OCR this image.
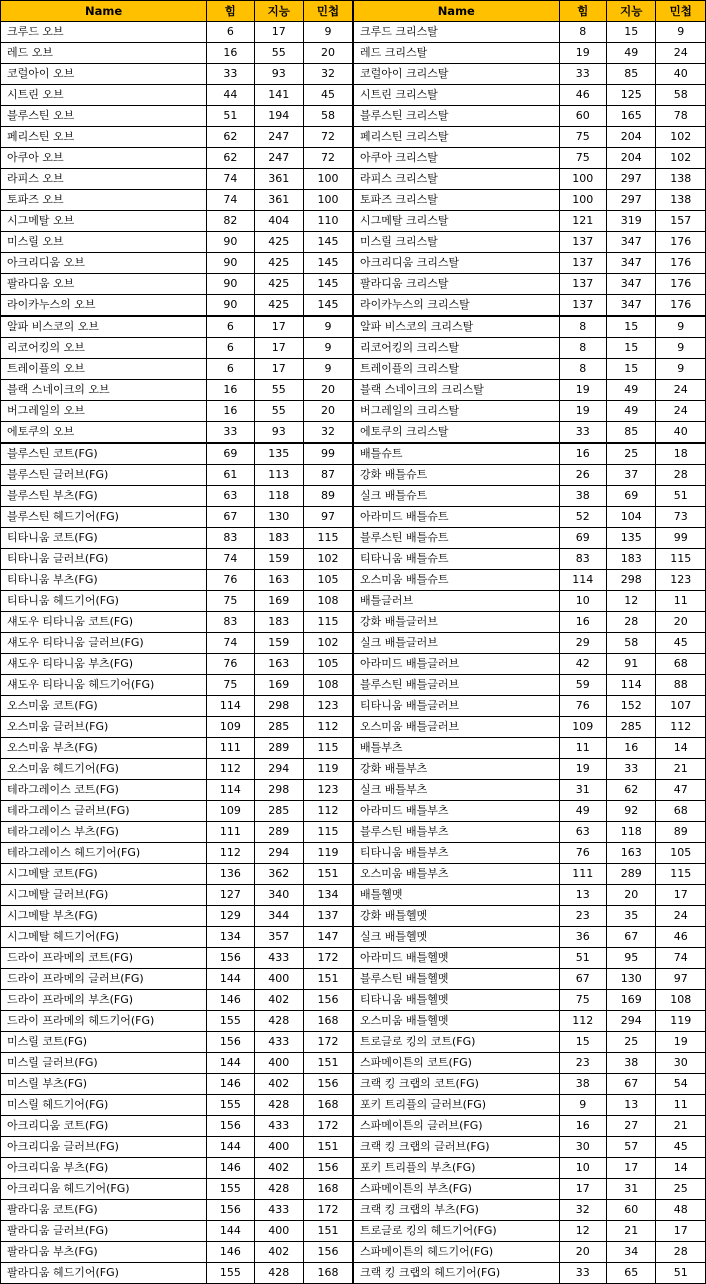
Name	힘	지능	민첩	Name	힘	지능	민첩
크루드 오브	6	17	9	크루드 크리스탈	8	15	9
레드 오브	16	55	20	레드 크리스탈	19	49	24
코럴아이 오브	33	93	32	코럴아이 크리스탈	33	85	40
시트린 오브	44	141	45	시트린 크리스탈	46	125	58
블루스틴 오브	51	194	58	블루스틴 크리스탈	60	165	78
페리스틴 오브	62	247	72	페리스틴 크리스탈	75	204	102
아쿠아 오브	62	247	72	아쿠아 크리스탈	75	204	102
라피스 오브	74	361	100	라피스 크리스탈	100	297	138
토파즈 오브	74	361	100	토파즈 크리스탈	100	297	138
시그메탈 오브	82	404	110	시그메탈 크리스탈	121	319	157
미스릴 오브	90	425	145	미스릴 크리스탈	137	347	176
아크리디움 오브	90	425	145	아크리디움 크리스탈	137	347	176
팔라디움 오브	90	425	145	팔라디움 크리스탈	137	347	176
라이카누스의 오브	90	425	145	라이카누스의 크리스탈	137	347	176
알파 비스코의 오브	6	17	9	알파 비스코의 크리스탈	8	15	9
리코어킹의 오브	6	17	9	리코어킹의 크리스탈	8	15	9
트레이플의 오브	6	17	9	트레이플의 크리스탈	8	15	9
블랙 스네이크의 오브	16	55	20	블랙 스네이크의 크리스탈	19	49	24
버그레일의 오브	16	55	20	버그레일의 크리스탈	19	49	24
에토쿠의 오브	33	93	32	에토쿠의 크리스탈	33	85	40
블루스틴 코트(FG)	69	135	99	배틀슈트	16	25	18
블루스틴 글러브(FG)	61	113	87	강화 배틀슈트	26	37	28
블루스틴 부츠(FG)	63	118	89	실크 배틀슈트	38	69	51
블루스틴 헤드기어(FG)	67	130	97	아라미드 배틀슈트	52	104	73
티타니움 코트(FG)	83	183	115	블루스틴 배틀슈트	69	135	99
티타니움 글러브(FG)	74	159	102	티타니움 배틀슈트	83	183	115
티타니움 부츠(FG)	76	163	105	오스미움 배틀슈트	114	298	123
티타니움 헤드기어(FG)	75	169	108	배틀글러브	10	12	11
섀도우 티타니움 코트(FG)	83	183	115	강화 배틀글러브	16	28	20
섀도우 티타니움 글러브(FG)	74	159	102	실크 배틀글러브	29	58	45
섀도우 티타니움 부츠(FG)	76	163	105	아라미드 배틀글러브	42	91	68
섀도우 티타니움 헤드기어(FG)	75	169	108	블루스틴 배틀글러브	59	114	88
오스미움 코트(FG)	114	298	123	티타니움 배틀글러브	76	152	107
오스미움 글러브(FG)	109	285	112	오스미움 배틀글러브	109	285	112
오스미움 부츠(FG)	111	289	115	배틀부츠	11	16	14
오스미움 헤드기어(FG)	112	294	119	강화 배틀부츠	19	33	21
테라그레이스 코트(FG)	114	298	123	실크 배틀부츠	31	62	47
테라그레이스 글러브(FG)	109	285	112	아라미드 배틀부츠	49	92	68
테라그레이스 부츠(FG)	111	289	115	블루스틴 배틀부츠	63	118	89
테라그레이스 헤드기어(FG)	112	294	119	티타니움 배틀부츠	76	163	105
시그메탈 코트(FG)	136	362	151	오스미움 배틀부츠	111	289	115
시그메탈 글러브(FG)	127	340	134	배틀헬멧	13	20	17
시그메탈 부츠(FG)	129	344	137	강화 배틀헬멧	23	35	24
시그메탈 헤드기어(FG)	134	357	147	실크 배틀헬멧	36	67	46
드라이 프라메의 코트(FG)	156	433	172	아라미드 배틀헬멧	51	95	74
드라이 프라메의 글러브(FG)	144	400	151	블루스틴 배틀헬멧	67	130	97
드라이 프라메의 부츠(FG)	146	402	156	티타니움 배틀헬멧	75	169	108
드라이 프라메의 헤드기어(FG)	155	428	168	오스미움 배틀헬멧	112	294	119
미스릴 코트(FG)	156	433	172	트로글로 킹의 코트(FG)	15	25	19
미스릴 글러브(FG)	144	400	151	스파메이튼의 코트(FG)	23	38	30
미스릴 부츠(FG)	146	402	156	크랙 킹 크랩의 코트(FG)	38	67	54
미스릴 헤드기어(FG)	155	428	168	포키 트리플의 글러브(FG)	9	13	11
아크리디움 코트(FG)	156	433	172	스파메이튼의 글러브(FG)	16	27	21
아크리디움 글러브(FG)	144	400	151	크랙 킹 크랩의 글러브(FG)	30	57	45
아크리디움 부츠(FG)	146	402	156	포키 트리플의 부츠(FG)	10	17	14
아크리디움 헤드기어(FG)	155	428	168	스파메이튼의 부츠(FG)	17	31	25
팔라디움 코트(FG)	156	433	172	크랙 킹 크랩의 부츠(FG)	32	60	48
팔라디움 글러브(FG)	144	400	151	트로글로 킹의 헤드기어(FG)	12	21	17
팔라디움 부츠(FG)	146	402	156	스파메이튼의 헤드기어(FG)	20	34	28
팔라디움 헤드기어(FG)	155	428	168	크랙 킹 크랩의 헤드기어(FG)	33	65	51
